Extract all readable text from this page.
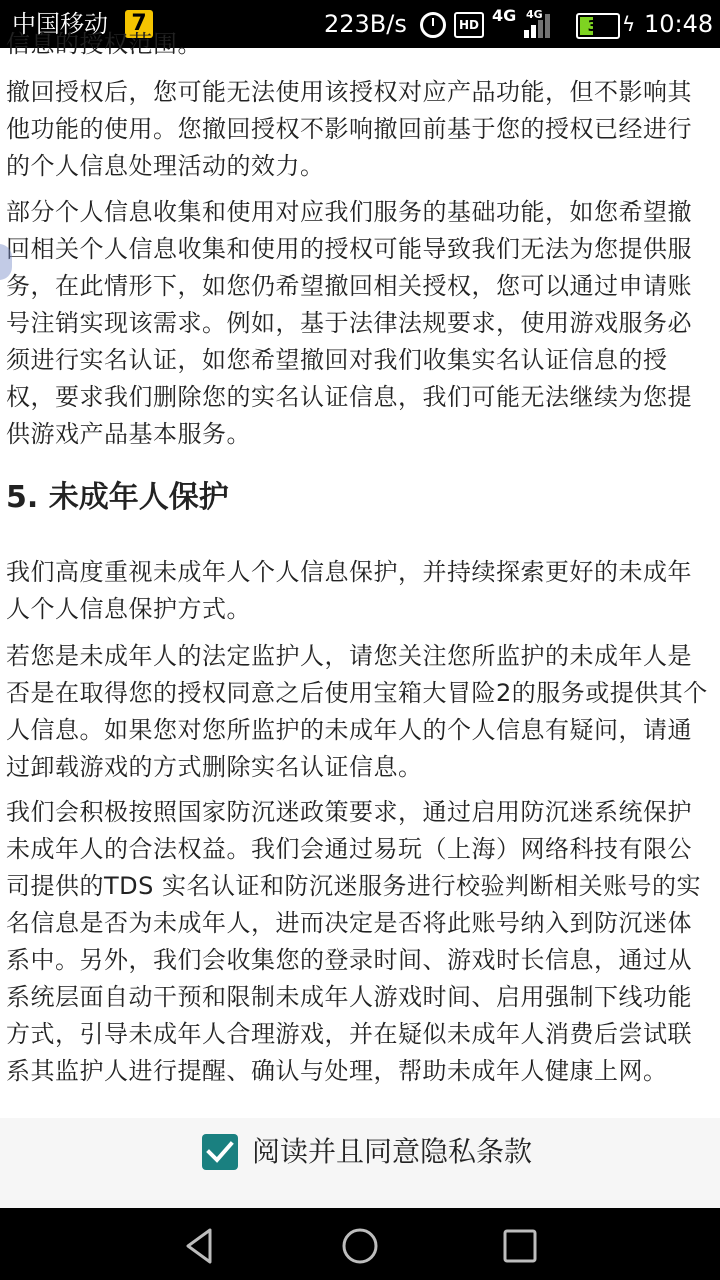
中国移动 7	223B/s	HD 4G 4G
37 ϟ 10:48
信息的授权范围。

撤回授权后，您可能无法使用该授权对应产品功能，但不影响其他功能的使用。您撤回授权不影响撤回前基于您的授权已经进行的个人信息处理活动的效力。

部分个人信息收集和使用对应我们服务的基础功能，如您希望撤回相关个人信息收集和使用的授权可能导致我们无法为您提供服务，在此情形下，如您仍希望撤回相关授权，您可以通过申请账号注销实现该需求。例如，基于法律法规要求，使用游戏服务必须进行实名认证，如您希望撤回对我们收集实名认证信息的授权，要求我们删除您的实名认证信息，我们可能无法继续为您提供游戏产品基本服务。

5. 未成年人保护

我们高度重视未成年人个人信息保护，并持续探索更好的未成年人个人信息保护方式。

若您是未成年人的法定监护人，请您关注您所监护的未成年人是否是在取得您的授权同意之后使用宝箱大冒险2的服务或提供其个人信息。如果您对您所监护的未成年人的个人信息有疑问，请通过卸载游戏的方式删除实名认证信息。

我们会积极按照国家防沉迷政策要求，通过启用防沉迷系统保护未成年人的合法权益。我们会通过易玩（上海）网络科技有限公司提供的TDS 实名认证和防沉迷服务进行校验判断相关账号的实名信息是否为未成年人，进而决定是否将此账号纳入到防沉迷体系中。另外，我们会收集您的登录时间、游戏时长信息，通过从系统层面自动干预和限制未成年人游戏时间、启用强制下线功能方式，引导未成年人合理游戏，并在疑似未成年人消费后尝试联系其监护人进行提醒、确认与处理，帮助未成年人健康上网。

阅读并且同意隐私条款
